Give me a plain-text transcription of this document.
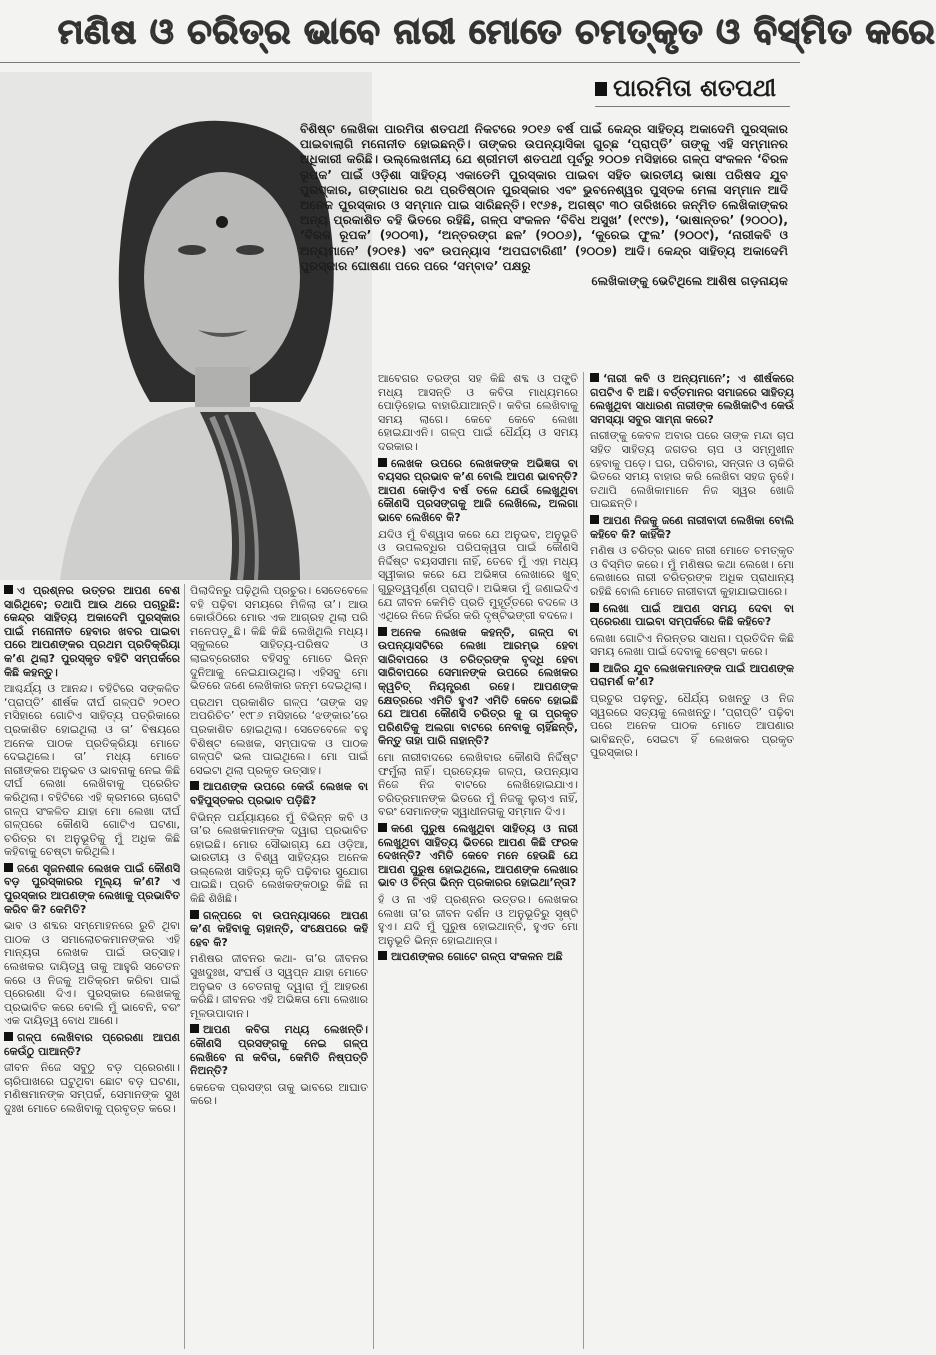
ମଣିଷ ଓ ଚରିତ୍ର ଭାବେ ନାରୀ ମୋତେ ଚମତ୍କୃତ ଓ ବିସ୍ମିତ କରେ
ପାରମିତା ଶତପଥୀ

ବିଶିଷ୍ଟ ଲେଖିକା ପାରମିତା ଶତପଥୀ ନିକଟରେ ୨୦୧୬ ବର୍ଷ ପାଇଁ କେନ୍ଦ୍ର ସାହିତ୍ୟ ଅକାଦେମି ପୁରସ୍କାର ପାଇବାଲାଗି ମନୋନୀତ ହୋଇଛନ୍ତି। ତାଙ୍କର ଉପନ୍ୟାସିକା ଗୁଚ୍ଛ ‘ପ୍ରାପ୍ତି’ ତାଙ୍କୁ ଏହି ସମ୍ମାନର ଅଧିକାରୀ କରିଛି। ଉଲ୍ଲେଖନୀୟ ଯେ ଶ୍ରୀମତୀ ଶତପଥୀ ପୂର୍ବରୁ ୨୦୦୭ ମସିହାରେ ଗଳ୍ପ ସଂକଳନ ‘ବିରଳ ରୂପକ’ ପାଇଁ ଓଡ଼ିଶା ସାହିତ୍ୟ ଏକାଡେମି ପୁରସ୍କାର ପାଇବା ସହିତ ଭାରତୀୟ ଭାଷା ପରିଷଦ ଯୁବ ପୁରସ୍କାର, ଗଙ୍ଗାଧର ରଥ ପ୍ରତିଷ୍ଠାନ ପୁରସ୍କାର ଏବଂ ଭୁବନେଶ୍ୱର ପୁସ୍ତକ ମେଳା ସମ୍ମାନ ଆଦି ଅନେକ ପୁରସ୍କାର ଓ ସମ୍ମାନ ପାଇ ସାରିଛନ୍ତି। ୧୯୬୫, ଅଗଷ୍ଟ ୩୦ ତାରିଖରେ ଜନ୍ମିତ ଲେଖିକାଙ୍କର ଅନ୍ୟ ପ୍ରକାଶିତ ବହି ଭିତରେ ରହିଛି, ଗଳ୍ପ ସଂକଳନ ‘ବିବିଧ ଅସୁଖ’ (୧୯୯୭), ‘ଭାଷାନ୍ତର’ (୨୦୦୦), ‘ବିରଳ ରୂପକ’ (୨୦୦୩), ‘ଅନ୍ତରଙ୍ଗ ଛଳ’ (୨୦୦୬), ‘କୁରେଇ ଫୁଲ’ (୨୦୦୯), ‘ନାରୀକବି ଓ ଅନ୍ୟମାନେ’ (୨୦୧୫) ଏବଂ ଉପନ୍ୟାସ ‘ଅପଘଟାରିଣୀ’ (୨୦୦୭) ଆଦି। କେନ୍ଦ୍ର ସାହିତ୍ୟ ଅକାଦେମି ପୁରସ୍କାର ଘୋଷଣା ପରେ ପରେ ‘ସମ୍ବାଦ’ ପକ୍ଷରୁ

ଲେଖିକାଙ୍କୁ ଭେଟିଥିଲେ ଆଶିଷ ଗଡ଼ନାୟକ

ଏ ପ୍ରଶ୍ନର ଉତ୍ତର ଆପଣ ବେଶ ସାରିଥିବେ; ତଥାପି ଆଉ ଥରେ ପଚାରୁଛି: କେନ୍ଦ୍ର ସାହିତ୍ୟ ଅକାଦେମି ପୁରସ୍କାର ପାଇଁ ମନୋନୀତ ହେବାର ଖବର ପାଇବା ପରେ ଆପଣଙ୍କର ପ୍ରଥମ ପ୍ରତିକ୍ରିୟା କ’ଣ ଥିଲା? ପୁରସ୍କୃତ ବହିଟି ସମ୍ପର୍କରେ କିଛି କହନ୍ତୁ।

ଆଶ୍ଚର୍ଯ୍ୟ ଓ ଆନନ୍ଦ। ବହିଟିରେ ସଙ୍କଳିତ ‘ପ୍ରାପ୍ତି’ ଶୀର୍ଷକ ଦୀର୍ଘ ଗଳ୍ପଟି ୨୦୧୦ ମସିହାରେ ଗୋଟିଏ ସାହିତ୍ୟ ପତ୍ରିକାରେ ପ୍ରକାଶିତ ହୋଇଥିଲା ଓ ତା’ ବିଷୟରେ ଅନେକ ପାଠକ ପ୍ରତିକ୍ରିୟା ମୋତେ ଦେଇଥିଲେ। ତା’ ମଧ୍ୟ ମୋତେ ନାରୀଙ୍କର ଅନୁଭବ ଓ ଭାବନାକୁ ନେଇ କିଛି ଦୀର୍ଘ ଲେଖା ଲେଖିବାକୁ ପ୍ରେରିତ କରିଥିଲା। ବହିଟିରେ ଏହି କ୍ରମରେ ଚାରୋଟି ଗଳ୍ପ ସଂକଳିତ ଯାହା ମୋ ଲେଖା ଦୀର୍ଘ ଗଳ୍ପରେ କୌଣସି ଗୋଟିଏ ଘଟଣା, ଚରିତ୍ର ବା ଅନୁଭୂତିକୁ ମୁଁ ଅଧିକ କିଛି କହିବାକୁ ଚେଷ୍ଟା କରିଥିଲି।

ଜଣେ ସୃଜନଶୀଳ ଲେଖକ ପାଇଁ କୌଣସି ବଡ଼ ପୁରସ୍କାରର ମୂଲ୍ୟ କ’ଣ? ଏ ପୁରସ୍କାର ଆପଣଙ୍କ ଲେଖାକୁ ପ୍ରଭାବିତ କରିବ କି? କେମିତି?

ଭାବ ଓ ଶବ୍ଦର ସମ୍ମୋହନରେ ରୁଚି ଥିବା ପାଠକ ଓ ସମାଲୋଚକମାନଙ୍କର ଏହି ମାନ୍ୟତା ଲେଖକ ପାଇଁ ଉତ୍ସାହ। ଲେଖକର ଦାୟିତ୍ୱ ତାକୁ ଆହୁରି ସଚେତନ କରେ ଓ ନିଜକୁ ଅତିକ୍ରମ କରିବା ପାଇଁ ପ୍ରେରଣା ଦିଏ। ପୁରସ୍କାର ଲେଖକକୁ ପ୍ରଭାବିତ କରେ ବୋଲି ମୁଁ ଭାବେନି, ବରଂ ଏକ ଦାୟିତ୍ୱ ବୋଧ ଆଣେ।

ଗଳ୍ପ ଲେଖିବାର ପ୍ରେରଣା ଆପଣ କେଉଁଠୁ ପାଆନ୍ତି?

ଜୀବନ ନିଜେ ସବୁଠୁ ବଡ଼ ପ୍ରେରଣା। ଚାରିପାଖରେ ଘଟୁଥିବା ଛୋଟ ବଡ଼ ଘଟଣା, ମଣିଷମାନଙ୍କ ସମ୍ପର୍କ, ସେମାନଙ୍କ ସୁଖ ଦୁଃଖ ମୋତେ ଲେଖିବାକୁ ପ୍ରବୃତ୍ତ କରେ।

ପିଲାଦିନରୁ ପଢ଼ିଥିଲି ପ୍ରଚୁର। ସେତେବେଳେ ବହି ପଢ଼ିବା ସମୟରେ ମିଳିଲା ତା’। ଆଉ କୋଉଁଠିରେ ମୋର ଏକ ଆଗ୍ରହ ଥିଲା ପରି ମନେପଡ଼ୁଛି। କିଛି କିଛି ଲେଖିଥିଲି ମଧ୍ୟ। ସ୍କୁଲରେ ସାହିତ୍ୟ-ପରିଷଦ ଓ ଲାଇବ୍ରେରୀର ବହିସବୁ ମୋତେ ଭିନ୍ନ ଦୁନିଆକୁ ନେଇଯାଉଥିଲା। ଏହିସବୁ ମୋ ଭିତରେ ଜଣେ ଲେଖିକାର ଜନ୍ମ ଦେଇଥିଲା।

ପ୍ରଥମ ପ୍ରକାଶିତ ଗଳ୍ପ ‘ତାଙ୍କ ସହ ଅପରିଚିତ’ ୧୯୮୬ ମସିହାରେ ‘ଝଙ୍କାର’ରେ ପ୍ରକାଶିତ ହୋଇଥିଲା। ସେତେବେଳେ ବହୁ ବିଶିଷ୍ଟ ଲେଖକ, ସମ୍ପାଦକ ଓ ପାଠକ ଗଳ୍ପଟି ଭଲ ପାଇଥିଲେ। ମୋ ପାଇଁ ସେଇଟା ଥିଲା ପ୍ରକୃତ ଉତ୍ସାହ।

ଆପଣଙ୍କ ଉପରେ କେଉଁ ଲେଖକ ବା ବହିପୁସ୍ତକର ପ୍ରଭାବ ପଡ଼ିଛି?

ବିଭିନ୍ନ ପର୍ଯ୍ୟାୟରେ ମୁଁ ବିଭିନ୍ନ କବି ଓ ତା’ର ଲେଖକମାନଙ୍କ ଦ୍ୱାରା ପ୍ରଭାବିତ ହୋଇଛି। ମୋର ସୌଭାଗ୍ୟ ଯେ ଓଡ଼ିଆ, ଭାରତୀୟ ଓ ବିଶ୍ୱ ସାହିତ୍ୟର ଅନେକ ଉଲ୍ଲେଖ ସାହିତ୍ୟ କୃତି ପଢ଼ିବାର ସୁଯୋଗ ପାଇଛି। ପ୍ରତି ଲେଖକଙ୍କଠାରୁ କିଛି ନା କିଛି ଶିଖିଛି।

ଗଳ୍ପରେ ବା ଉପନ୍ୟାସରେ ଆପଣ କ’ଣ କହିବାକୁ ଚାହାନ୍ତି, ସଂକ୍ଷେପରେ କହି ହେବ କି?

ମଣିଷର ଜୀବନର କଥା- ତା’ର ଜୀବନର ସୁଖଦୁଃଖ, ସଂଘର୍ଷ ଓ ସ୍ୱପ୍ନ ଯାହା ମୋତେ ଅନୁଭବ ଓ ଚେତନାକୁ ଦ୍ୱାରା ମୁଁ ଆହରଣ କରିଛି। ଜୀବନର ଏହି ଅଭିଜ୍ଞତା ମୋ ଲେଖାର ମୂଳଉପାଦାନ।

ଆପଣ କବିତା ମଧ୍ୟ ଲେଖନ୍ତି। କୌଣସି ପ୍ରସଙ୍ଗକୁ ନେଇ ଗଳ୍ପ ଲେଖିବେ ନା କବିତା, କେମିତି ନିଷ୍ପତ୍ତି ନିଅନ୍ତି?

କେତେକ ପ୍ରସଙ୍ଗ ତାକୁ ଭାବରେ ଆଘାତ କରେ।

ଆବେଗର ତରଙ୍ଗ ସହ କିଛି ଶବ୍ଦ ଓ ପଙ୍କ୍ତି ମଧ୍ୟ ଆସନ୍ତି ଓ କବିତା ମାଧ୍ୟମରେ ପୋଡ଼ିହୋଇ ବାହାରିଯାଆନ୍ତି। କବିତା ଲେଖିବାକୁ ସମୟ ଲାଗେ। କେବେ କେବେ ଲେଖା ହୋଇଯାଏନି। ଗଳ୍ପ ପାଇଁ ଧୈର୍ଯ୍ୟ ଓ ସମୟ ଦରକାର।

ଲେଖକ ଉପରେ ଲେଖକଙ୍କ ଅଭିଜ୍ଞତା ବା ବୟସର ପ୍ରଭାବ କ’ଣ ବୋଲି ଆପଣ ଭାବନ୍ତି? ଆପଣ କୋଡ଼ିଏ ବର୍ଷ ତଳେ ଯେଉଁ ଲେଖୁଥିବା କୌଣସି ପ୍ରସଙ୍ଗକୁ ଆଜି ଲେଖିଲେ, ଅଲଗା ଭାବେ ଲେଖିବେ କି?

ଯଦିଓ ମୁଁ ବିଶ୍ୱାସ କରେ ଯେ ଅନୁଭବ, ଅନୁଭୂତି ଓ ଉପଲବ୍ଧିର ପରିପକ୍ୱତା ପାଇଁ କୌଣସି ନିର୍ଦ୍ଦିଷ୍ଟ ବୟସସୀମା ନାହିଁ, ତେବେ ମୁଁ ଏହା ମଧ୍ୟ ସ୍ୱୀକାର କରେ ଯେ ଅଭିଜ୍ଞତା ଲେଖାରେ ଖୁବ୍ ଗୁରୁତ୍ୱପୂର୍ଣ୍ଣ ପ୍ରାପ୍ତି। ଅଭିଜ୍ଞତା ମୁଁ ଜଣାଇଦିଏ ଯେ ଜୀବନ କେମିତି ପ୍ରତି ମୁହୂର୍ତ୍ତରେ ବଦଳେ ଓ ଏଥିରେ ନିଜେ ନିର୍ଭର କରି ଦୃଷ୍ଟିଭଙ୍ଗୀ ବଦଳେ।

ଅନେକ ଲେଖକ କହନ୍ତି, ଗଳ୍ପ ବା ଉପନ୍ୟାସଟିରେ ଲେଖା ଆରମ୍ଭ ହେବା ସାରିବାପରେ ଓ ଚରିତ୍ରଙ୍କ ବୃଦ୍ଧି ହେବା ସାରିବାପରେ ସେମାନଙ୍କ ଉପରେ ଲେଖକର କ୍ୱଚିତ୍ ନିୟନ୍ତ୍ରଣ ରହେ। ଆପଣଙ୍କ କ୍ଷେତ୍ରରେ ଏମିତି ହୁଏ? ଏମିତି କେବେ ହୋଇଛି ଯେ ଆପଣ କୌଣସି ଚରିତ୍ର କୁ ତା ପ୍ରକୃତ ପରିଣତିକୁ ଅଲଗା ବାଟରେ ନେବାକୁ ଚାହିଁଛନ୍ତି, କିନ୍ତୁ ତାହା ପାରି ନାହାନ୍ତି?

ମୋ ନାରୀବାଦରେ ଲେଖିବାର କୌଣସି ନିର୍ଦ୍ଦିଷ୍ଟ ଫର୍ମୁଲା ନାହିଁ। ପ୍ରତ୍ୟେକ ଗଳ୍ପ, ଉପନ୍ୟାସ ନିଜେ ନିଜ ବାଟରେ ଲେଖିହୋଇଯାଏ। ଚରିତ୍ରମାନଙ୍କ ଭିତରେ ମୁଁ ନିଜକୁ ଲୁଚାଏ ନାହିଁ, ବରଂ ସେମାନଙ୍କ ସ୍ୱାଧୀନତାକୁ ସମ୍ମାନ ଦିଏ।

କଣେ ପୁରୁଷ ଲେଖୁଥିବା ସାହିତ୍ୟ ଓ ନାରୀ ଲେଖୁଥିବା ସାହିତ୍ୟ ଭିତରେ ଆପଣ କିଛି ଫରକ ଦେଖନ୍ତି? ଏମିତି କେବେ ମନେ ହେଉଛି ଯେ ଆପଣ ପୁରୁଷ ହୋଇଥିଲେ, ଆପଣଙ୍କ ଲେଖାର ଭାବ ଓ ଚିନ୍ତା ଭିନ୍ନ ପ୍ରକାରର ହୋଇଥା’ନ୍ତା?

ହଁ ଓ ନା ଏହି ପ୍ରଶ୍ନର ଉତ୍ତର। ଲେଖକର ଲେଖା ତା’ର ଜୀବନ ଦର୍ଶନ ଓ ଅନୁଭୂତିରୁ ସୃଷ୍ଟି ହୁଏ। ଯଦି ମୁଁ ପୁରୁଷ ହୋଇଥାନ୍ତି, ହୁଏତ ମୋ ଅନୁଭୂତି ଭିନ୍ନ ହୋଇଥାନ୍ତା।

ଆପଣଙ୍କର ଗୋଟେ ଗଳ୍ପ ସଂକଳନ ଅଛି

‘ନାରୀ କବି ଓ ଅନ୍ୟମାନେ’; ଏ ଶୀର୍ଷକରେ ଗପଟିଏ ବି ଅଛି। ବର୍ତ୍ତମାନର ସମାଜରେ ସାହିତ୍ୟ ଲେଖୁଥିବା ସାଧାରଣ ନାରୀଙ୍କ ଲେଖିକାଟିଏ କେଉଁ ସମସ୍ୟା ସବୁର ସାମ୍ନା କରେ?

ନାରୀଙ୍କୁ କେବଳ ଅବାର ପରେ ତାଙ୍କ ମନ୍ଦା ଚାପ ସହିତ ସାହିତ୍ୟ ଜଗତର ଚାପ ଓ ସମ୍ମୁଖୀନ ହେବାକୁ ପଡ଼େ। ଘର, ପରିବାର, ସନ୍ତାନ ଓ ଚାକିରି ଭିତରେ ସମୟ ବାହାର କରି ଲେଖିବା ସହଜ ନୁହେଁ। ତଥାପି ଲେଖିକାମାନେ ନିଜ ସ୍ୱର ଖୋଜି ପାଇଛନ୍ତି।

ଆପଣ ନିଜକୁ ଜଣେ ନାରୀବାଦୀ ଲେଖିକା ବୋଲି କହିବେ କି? କାହିଁକି?

ମଣିଷ ଓ ଚରିତ୍ର ଭାବେ ନାରୀ ମୋତେ ଚମତ୍କୃତ ଓ ବିସ୍ମିତ କରେ। ମୁଁ ମଣିଷର କଥା ଲେଖେ। ମୋ ଲେଖାରେ ନାରୀ ଚରିତ୍ରଙ୍କ ଅଧିକ ପ୍ରାଧାନ୍ୟ ରହିଛି ବୋଲି ମୋତେ ନାରୀବାଦୀ କୁହାଯାଇପାରେ।

ଲେଖା ପାଇଁ ଆପଣ ସମୟ ଦେବା ବା ପ୍ରେରଣା ପାଇବା ସମ୍ପର୍କରେ କିଛି କହିବେ?

ଲେଖା ଗୋଟିଏ ନିରନ୍ତର ସାଧନା। ପ୍ରତିଦିନ କିଛି ସମୟ ଲେଖା ପାଇଁ ଦେବାକୁ ଚେଷ୍ଟା କରେ।

ଆଜିର ଯୁବ ଲେଖକମାନଙ୍କ ପାଇଁ ଆପଣଙ୍କ ପରାମର୍ଶ କ’ଣ?

ପ୍ରଚୁର ପଢ଼ନ୍ତୁ, ଧୈର୍ଯ୍ୟ ରଖନ୍ତୁ ଓ ନିଜ ସ୍ୱରରେ ସତ୍ୟକୁ ଲେଖନ୍ତୁ। ‘ପ୍ରାପ୍ତି’ ପଢ଼ିବା ପରେ ଅନେକ ପାଠକ ମୋତେ ଆପଣାର ଭାବିଛନ୍ତି, ସେଇଟା ହିଁ ଲେଖକର ପ୍ରକୃତ ପୁରସ୍କାର।
